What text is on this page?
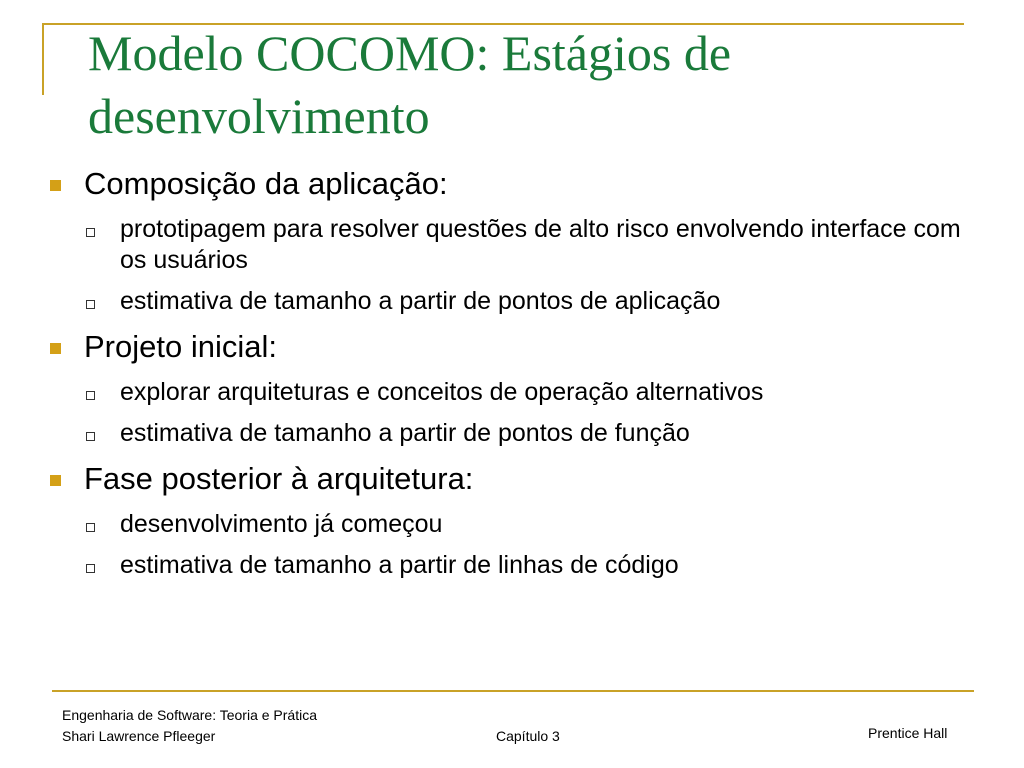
Modelo COCOMO: Estágios de desenvolvimento
Composição da aplicação:
prototipagem para resolver questões de alto risco envolvendo interface com os usuários
estimativa de tamanho a partir de pontos de aplicação
Projeto inicial:
explorar arquiteturas e conceitos de operação alternativos
estimativa de tamanho a partir de pontos de função
Fase posterior à arquitetura:
desenvolvimento já começou
estimativa de tamanho a partir de linhas de código
Engenharia de Software: Teoria e Prática
Shari Lawrence Pfleeger	Capítulo 3	Prentice Hall
